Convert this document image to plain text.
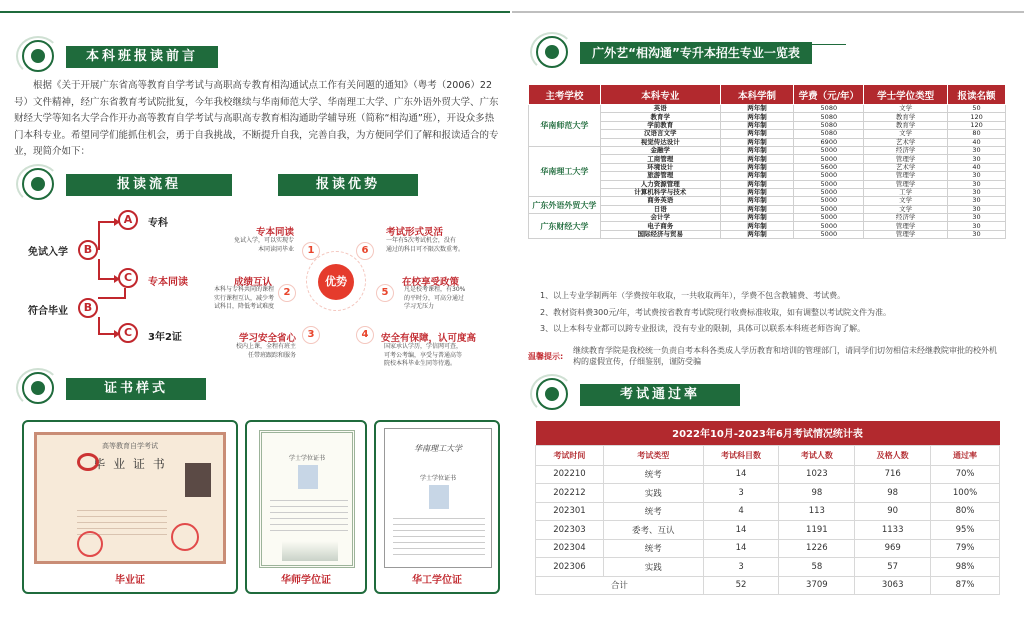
本科班报读前言

根据《关于开展广东省高等教育自学考试与高职高专教育相沟通试点工作有关问题的通知》（粤考（2006）22号）文件精神，经广东省教育考试院批复，今年我校继续与华南师范大学、华南理工大学、广东外语外贸大学、广东财经大学等知名大学合作开办高等教育自学考试与高职高专教育相沟通助学辅导班（简称“相沟通”班），开设众多热门本科专业。希望同学们能抓住机会，勇于自我挑战，不断提升自我，完善自我，为方便同学们了解和报读适合的专业，现简介如下：

报读流程
A	专科
免试入学	B
C	专本同读
符合毕业	B
C	3年2证
报读优势
优势
1
专本同读
免试入学，可以实现专
本同读同毕业
2
成绩互认
本科与专科共同的课程
实行课程互认，减少考
试科目，降低考试难度
3
学习安全省心
校内上课，全程有班主
任带班跟踪和服务
4	安全有保障，认可度高
国家承认学历，学信网可查，
可考公考编，享受与普通高等
院校本科毕业生同等待遇。
5
在校享受政策
凡是校考课程，有30%
的平时分，可高分通过
学习无压力
6
考试形式灵活
一年有5次考试机会，没有
通过的科目可不限次数重考。
证书样式
高等教育自学考试
毕 业 证 书
毕业证
学士学位证书
华师学位证
华南理工大学
学士学位证书
华工学位证
广外艺“相沟通”专升本招生专业一览表
主考学校	本科专业	本科学制	学费（元/年）	学士学位类型	报读名额
华南师范大学	英语	两年制	5080	文学	50
	教育学	两年制	5080	教育学	120
	学前教育	两年制	5080	教育学	120
	汉语言文学	两年制	5080	文学	80
	视觉传达设计	两年制	6900	艺术学	40
华南理工大学	金融学	两年制	5000	经济学	30
	工商管理	两年制	5000	管理学	30
	环境设计	两年制	5600	艺术学	40
	旅游管理	两年制	5000	管理学	30
	人力资源管理	两年制	5000	管理学	30
	计算机科学与技术	两年制	5000	工学	30
广东外语外贸大学	商务英语	两年制	5000	文学	30
	日语	两年制	5000	文学	30
广东财经大学	会计学	两年制	5000	经济学	30
	电子商务	两年制	5000	管理学	30
	国际经济与贸易	两年制	5000	管理学	30
1、以上专业学制两年（学费按年收取，一共收取两年），学费不包含教辅费、考试费。
2、教材资料费300元/年，考试费按省教育考试院现行收费标准收取，如有调整以考试院文件为准。
3、以上本科专业都可以跨专业报读，没有专业的限制，具体可以联系本科班老师咨询了解。
温馨提示:
继续教育学院是我校统一负责自考本科各类成人学历教育和培训的管理部门，请同学们切勿相信未经继教院审批的校外机构的虚假宣传，仔细鉴别，谨防受骗
考试通过率
2022年10月-2023年6月考试情况统计表					
考试时间	考试类型	考试科目数	考试人数	及格人数	通过率
202210	统考	14	1023	716	70%
202212	实践	3	98	98	100%
202301	统考	4	113	90	80%
202303	委考、互认	14	1191	1133	95%
202304	统考	14	1226	969	79%
202306	实践	3	58	57	98%
合计		52	3709	3063	87%
